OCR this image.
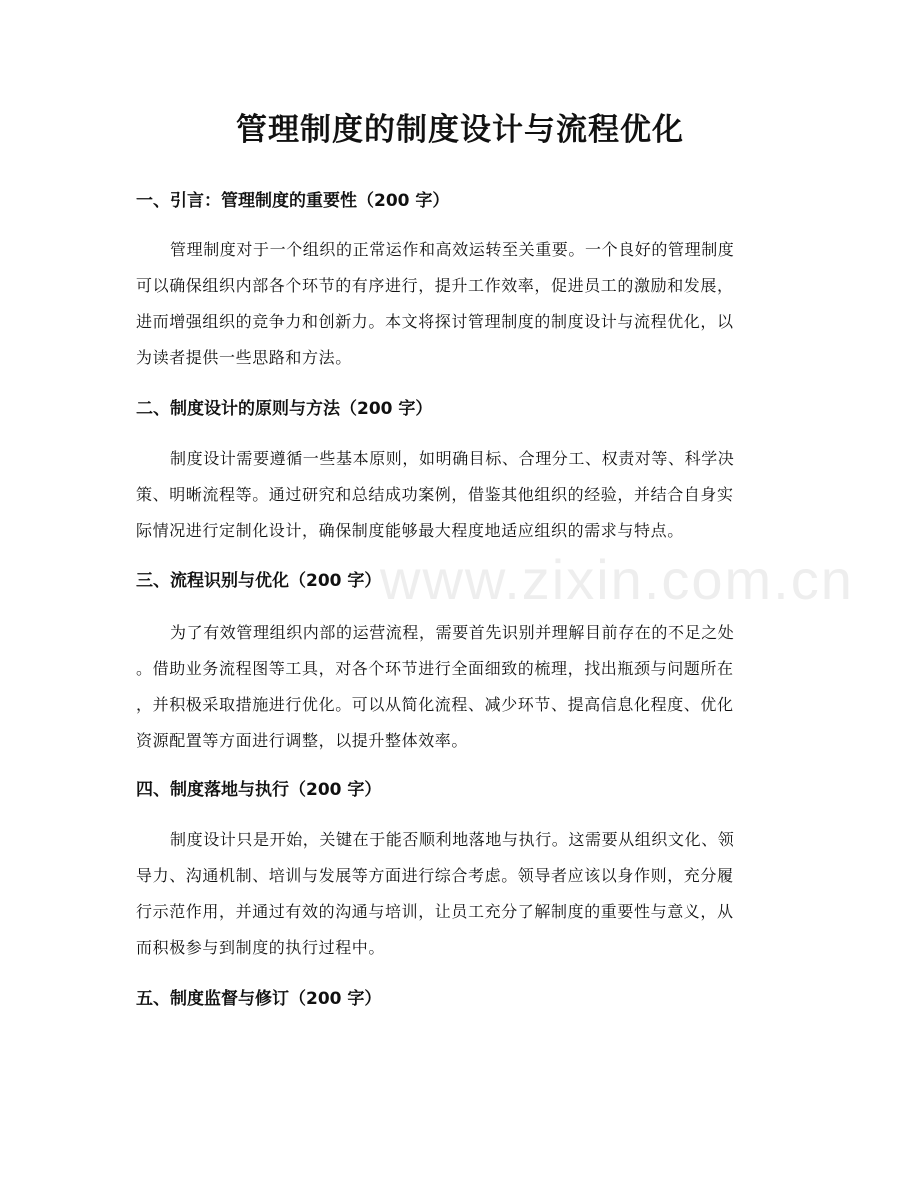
www.zixin.com.cn
管理制度的制度设计与流程优化
一、引言：管理制度的重要性（200 字）
管理制度对于一个组织的正常运作和高效运转至关重要。一个良好的管理制度
可以确保组织内部各个环节的有序进行，提升工作效率，促进员工的激励和发展，
进而增强组织的竞争力和创新力。本文将探讨管理制度的制度设计与流程优化，以
为读者提供一些思路和方法。
二、制度设计的原则与方法（200 字）
制度设计需要遵循一些基本原则，如明确目标、合理分工、权责对等、科学决
策、明晰流程等。通过研究和总结成功案例，借鉴其他组织的经验，并结合自身实
际情况进行定制化设计，确保制度能够最大程度地适应组织的需求与特点。
三、流程识别与优化（200 字）
为了有效管理组织内部的运营流程，需要首先识别并理解目前存在的不足之处
。借助业务流程图等工具，对各个环节进行全面细致的梳理，找出瓶颈与问题所在
，并积极采取措施进行优化。可以从简化流程、减少环节、提高信息化程度、优化
资源配置等方面进行调整，以提升整体效率。
四、制度落地与执行（200 字）
制度设计只是开始，关键在于能否顺利地落地与执行。这需要从组织文化、领
导力、沟通机制、培训与发展等方面进行综合考虑。领导者应该以身作则，充分履
行示范作用，并通过有效的沟通与培训，让员工充分了解制度的重要性与意义，从
而积极参与到制度的执行过程中。
五、制度监督与修订（200 字）
